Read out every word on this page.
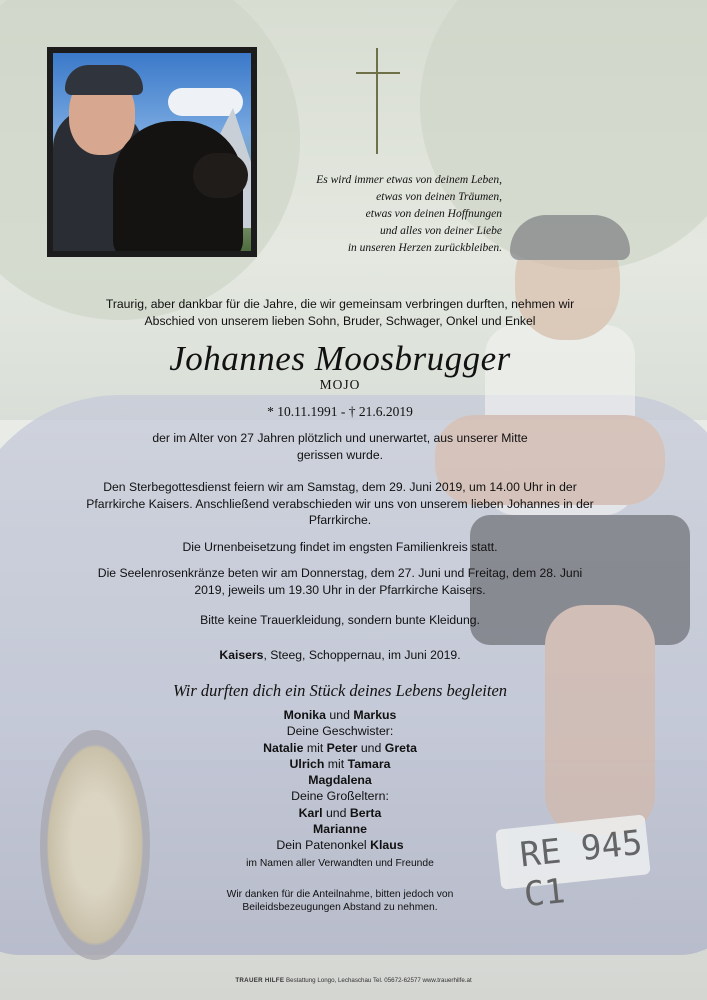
RE 945 C1
Es wird immer etwas von deinem Leben,
etwas von deinen Träumen,
etwas von deinen Hoffnungen
und alles von deiner Liebe
in unseren Herzen zurückbleiben.

Traurig, aber dankbar für die Jahre, die wir gemeinsam verbringen durften, nehmen wir Abschied von unserem lieben Sohn, Bruder, Schwager, Onkel und Enkel

Johannes Moosbrugger
MOJO
* 10.11.1991 - † 21.6.2019

der im Alter von 27 Jahren plötzlich und unerwartet, aus unserer Mitte gerissen wurde.

Den Sterbegottesdienst feiern wir am Samstag, dem 29. Juni 2019, um 14.00 Uhr in der Pfarrkirche Kaisers. Anschließend verabschieden wir uns von unserem lieben Johannes in der Pfarrkirche.

Die Urnenbeisetzung findet im engsten Familienkreis statt.

Die Seelenrosenkränze beten wir am Donnerstag, dem 27. Juni und Freitag, dem 28. Juni 2019, jeweils um 19.30 Uhr in der Pfarrkirche Kaisers.

Bitte keine Trauerkleidung, sondern bunte Kleidung.

Kaisers, Steeg, Schoppernau, im Juni 2019.
Wir durften dich ein Stück deines Lebens begleiten
Monika und Markus
Deine Geschwister:
Natalie mit Peter und Greta
Ulrich mit Tamara
Magdalena
Deine Großeltern:
Karl und Berta
Marianne
Dein Patenonkel Klaus
im Namen aller Verwandten und Freunde
Wir danken für die Anteilnahme, bitten jedoch von Beileidsbezeugungen Abstand zu nehmen.
TRAUER HILFE Bestattung Longo, Lechaschau Tel. 05672-62577 www.trauerhilfe.at
